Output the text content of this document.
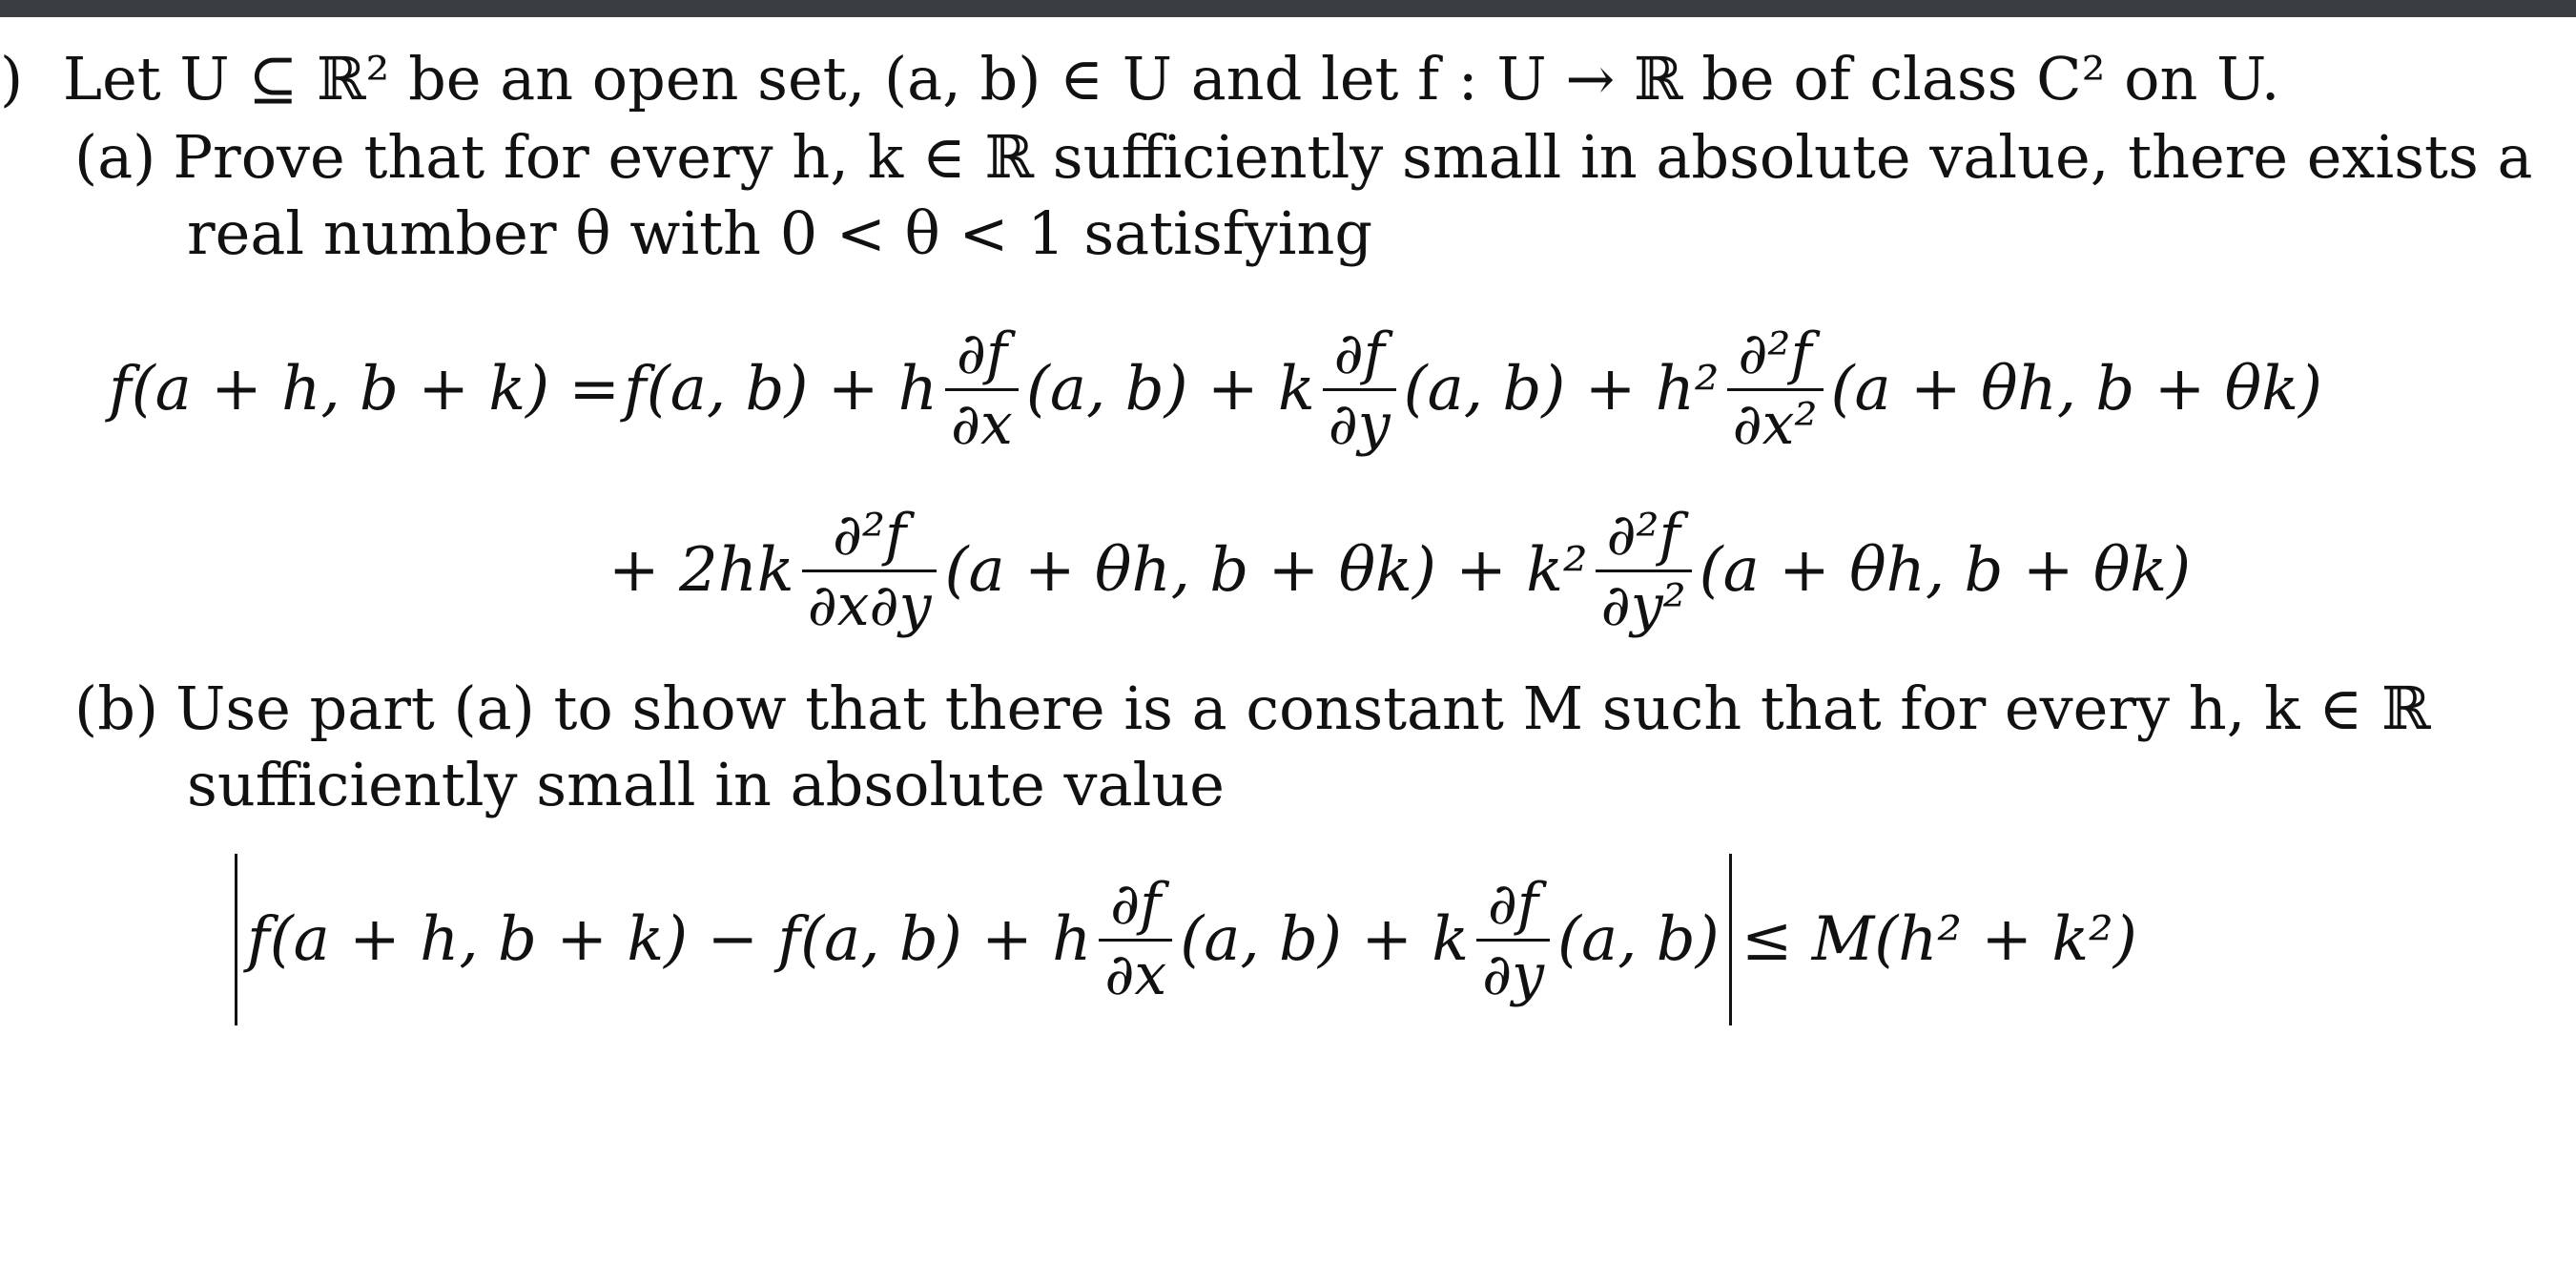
) Let U ⊆ ℝ² be an open set, (a, b) ∈ U and let f : U → ℝ be of class C² on U.
(a) Prove that for every h, k ∈ ℝ sufficiently small in absolute value, there exists a
real number θ with 0 < θ < 1 satisfying
f(a + h, b + k) = f(a, b) + h $\frac{\partial f}{\partial x} (a$, b) + k $\frac{\partial f}{\partial y} (a$, $b) + h^2 \frac{\text{∂²f}}{\text{∂x²}} (a + \theta h$, b + θk)
+ $2hk \frac{\text{∂²f}}{\partial x\partial y} (a + \theta h$, $b + \theta k) + k^2 \frac{\text{∂²f}}{\text{∂y²}} (a + \theta h$, b + θk)
(b) Use part (a) to show that there is a constant M such that for every h, k ∈ ℝ
sufficiently small in absolute value
f(a + h, b + k) − f(a, b) + h $\frac{\partial f}{\partial x} (a$, b) + k $\frac{\partial f}{\partial y} (a$, b) ≤ M(h² + k²)
